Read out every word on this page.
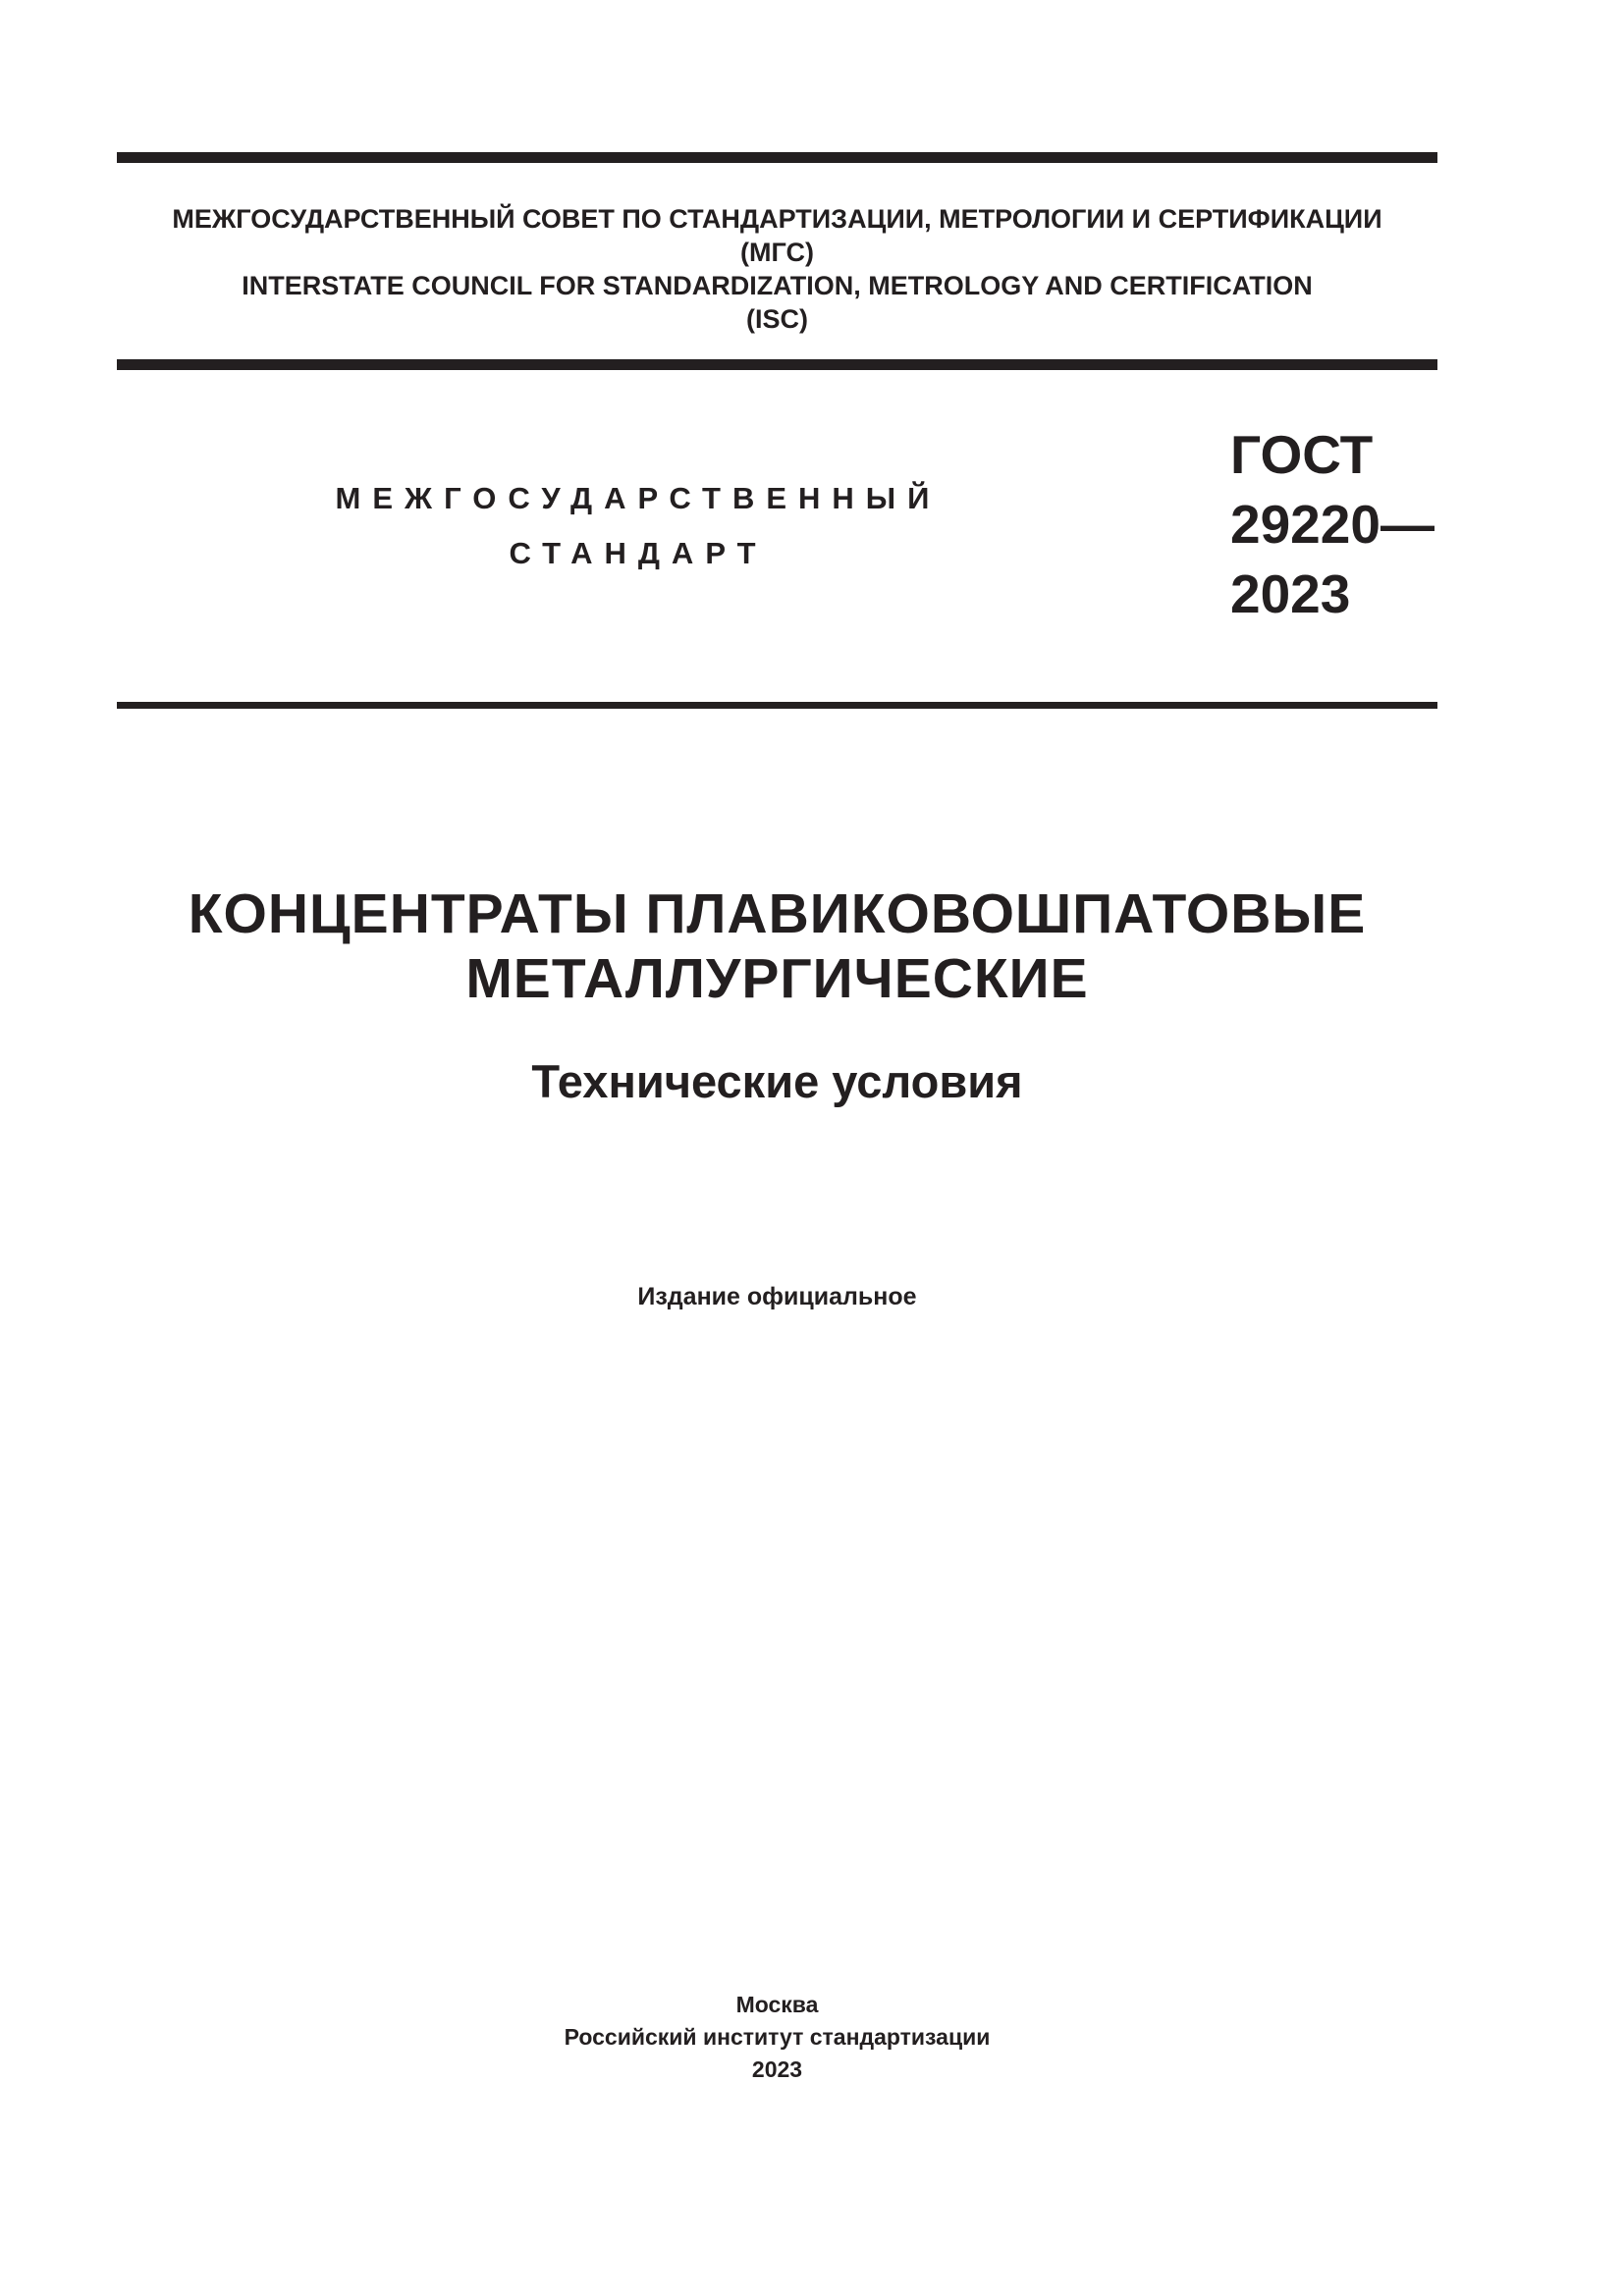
МЕЖГОСУДАРСТВЕННЫЙ СОВЕТ ПО СТАНДАРТИЗАЦИИ, МЕТРОЛОГИИ И СЕРТИФИКАЦИИ
(МГС)
INTERSTATE COUNCIL FOR STANDARDIZATION, METROLOGY AND CERTIFICATION
(ISC)
МЕЖГОСУДАРСТВЕННЫЙ
СТАНДАРТ
ГОСТ
29220—
2023
КОНЦЕНТРАТЫ ПЛАВИКОВОШПАТОВЫЕ
МЕТАЛЛУРГИЧЕСКИЕ
Технические условия
Издание официальное
Москва
Российский институт стандартизации
2023
